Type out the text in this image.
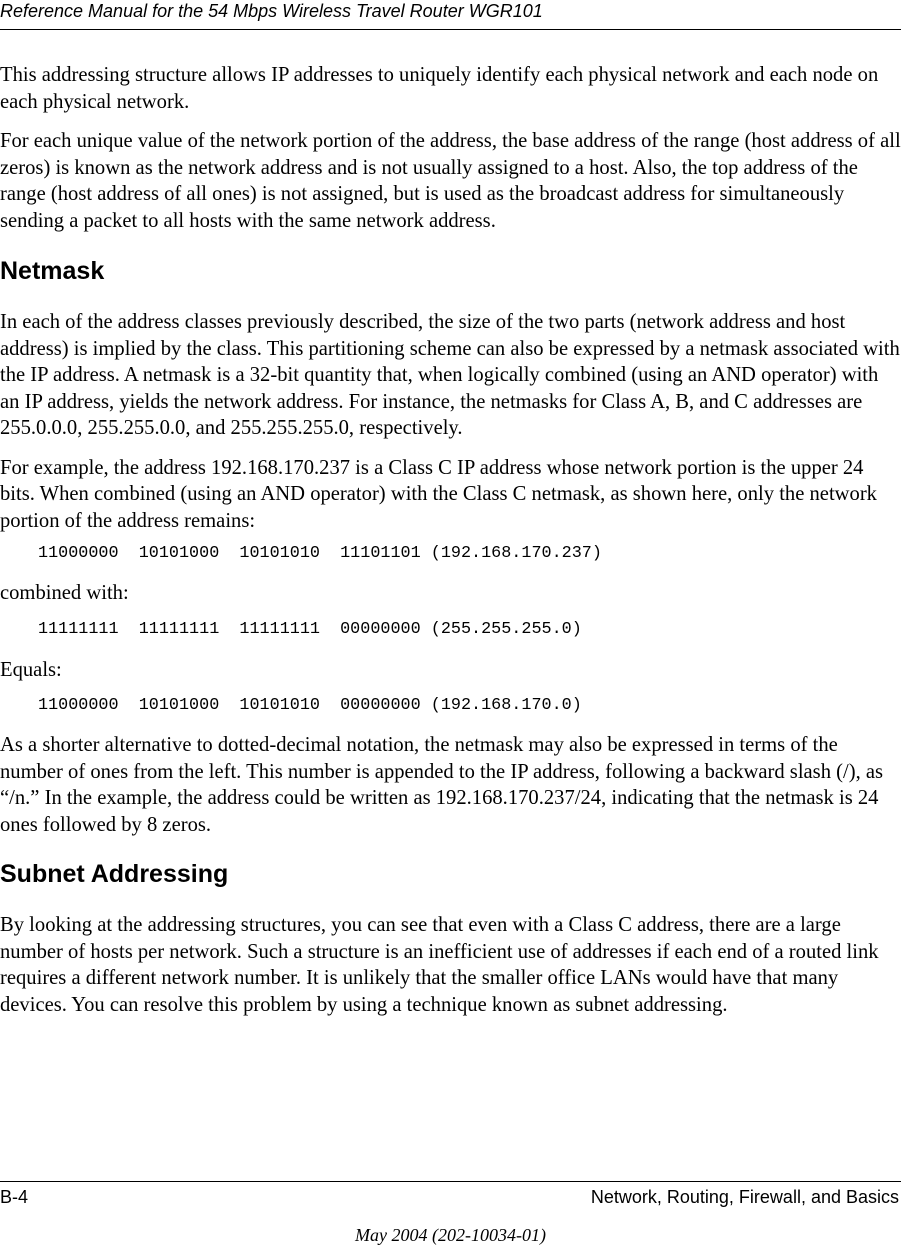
Reference Manual for the 54 Mbps Wireless Travel Router WGR101

This addressing structure allows IP addresses to uniquely identify each physical network and each node on each physical network.

For each unique value of the network portion of the address, the base address of the range (host address of all zeros) is known as the network address and is not usually assigned to a host. Also, the top address of the range (host address of all ones) is not assigned, but is used as the broadcast address for simultaneously sending a packet to all hosts with the same network address.

Netmask

In each of the address classes previously described, the size of the two parts (network address and host address) is implied by the class. This partitioning scheme can also be expressed by a netmask associated with the IP address. A netmask is a 32-bit quantity that, when logically combined (using an AND operator) with an IP address, yields the network address. For instance, the netmasks for Class A, B, and C addresses are 255.0.0.0, 255.255.0.0, and 255.255.255.0, respectively.

For example, the address 192.168.170.237 is a Class C IP address whose network portion is the upper 24 bits. When combined (using an AND operator) with the Class C netmask, as shown here, only the network portion of the address remains:

11000000  10101000  10101010  11101101 (192.168.170.237)

combined with:

11111111  11111111  11111111  00000000 (255.255.255.0)

Equals:

11000000  10101000  10101010  00000000 (192.168.170.0)

As a shorter alternative to dotted-decimal notation, the netmask may also be expressed in terms of the number of ones from the left. This number is appended to the IP address, following a backward slash (/), as “/n.” In the example, the address could be written as 192.168.170.237/24, indicating that the netmask is 24 ones followed by 8 zeros.

Subnet Addressing

By looking at the addressing structures, you can see that even with a Class C address, there are a large number of hosts per network. Such a structure is an inefficient use of addresses if each end of a routed link requires a different network number. It is unlikely that the smaller office LANs would have that many devices. You can resolve this problem by using a technique known as subnet addressing.

B-4	Network, Routing, Firewall, and Basics
May 2004 (202-10034-01)
